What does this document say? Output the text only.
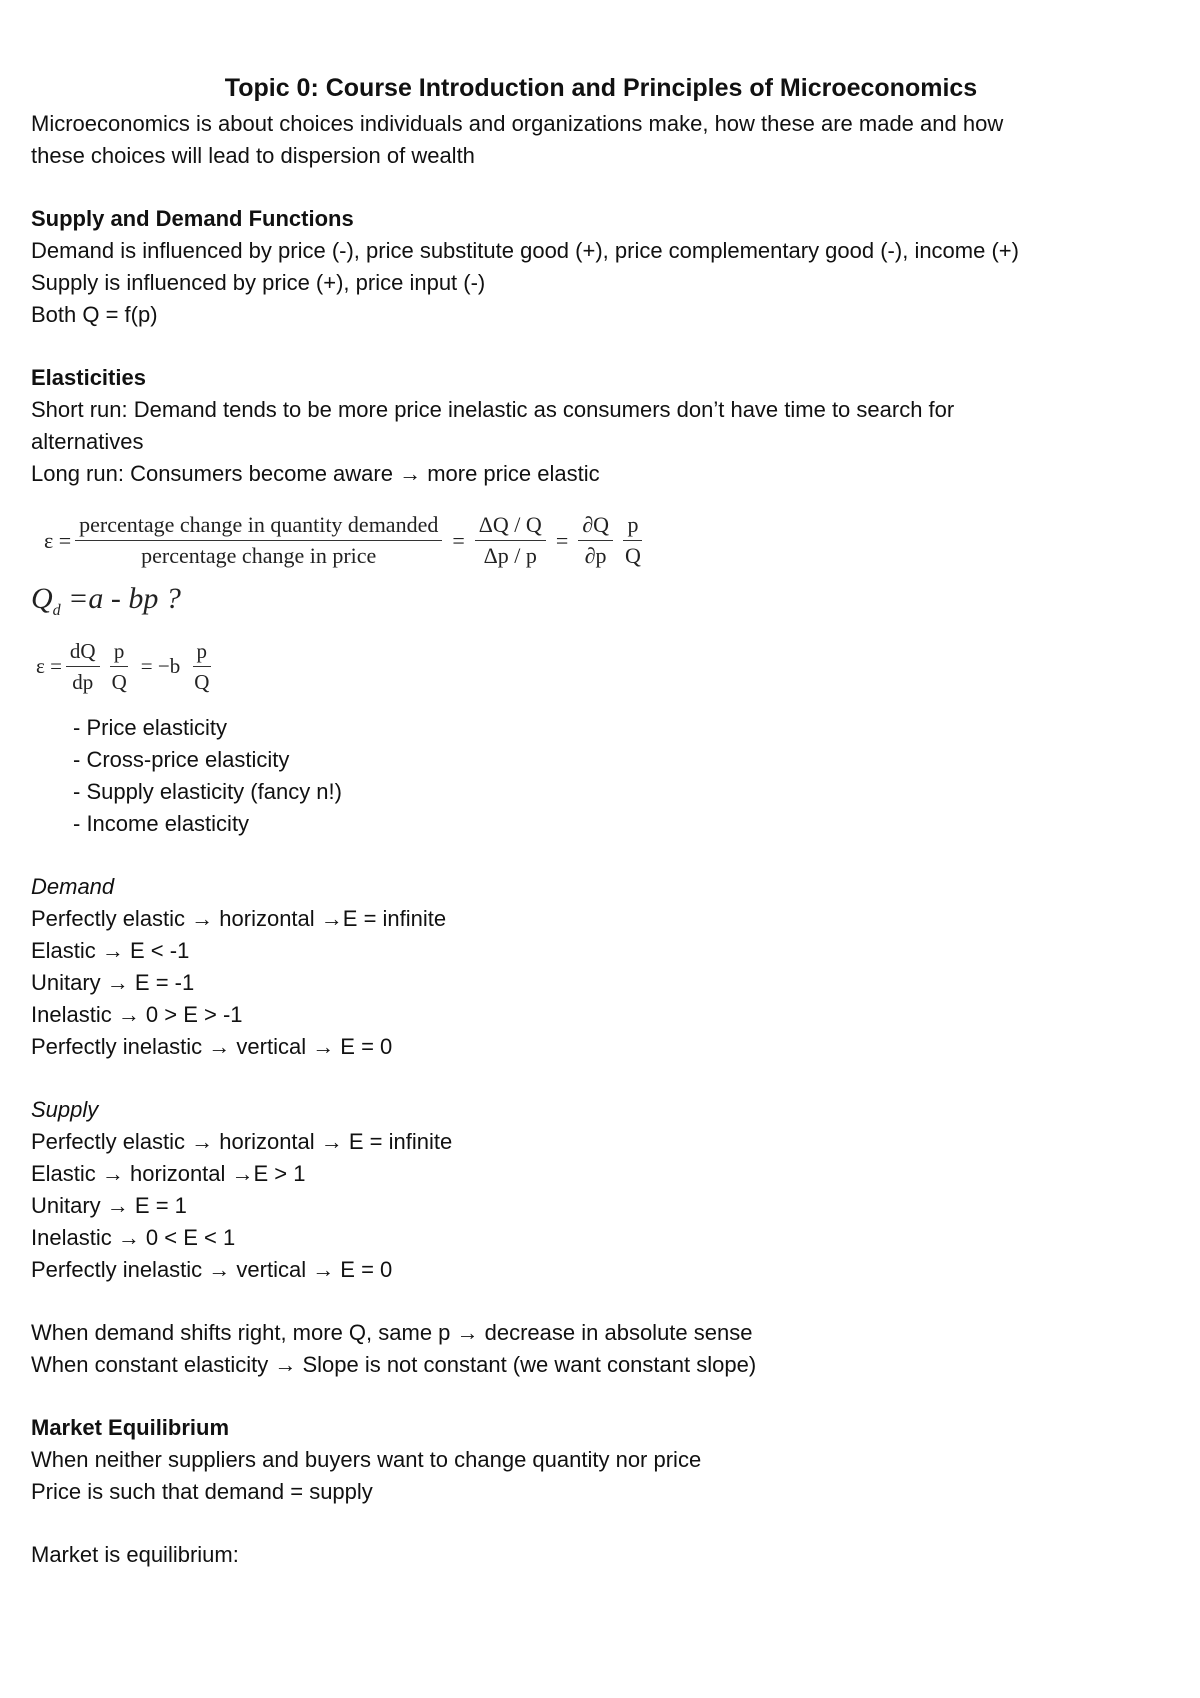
Topic 0: Course Introduction and Principles of Microeconomics

Microeconomics is about choices individuals and organizations make, how these are made and how

these choices will lead to dispersion of wealth

Supply and Demand Functions

Demand is influenced by price (-), price substitute good (+), price complementary good (-), income (+)

Supply is influenced by price (+), price input (-)

Both Q = f(p)

Elasticities

Short run: Demand tends to be more price inelastic as consumers don’t have time to search for

alternatives

Long run: Consumers become aware → more price elastic

$\varepsilon = \frac{\text{percentage change in quantity demanded}}{\text{percentage change in price}} = \frac{\Delta Q / Q}{\Delta p / p} = \frac{\partial Q}{\partial p} \frac{p}{Q}$
$Q_d =a$ - bp ?
$\varepsilon = \frac{dQ}{dp} \frac{p}{Q} = -b \frac{p}{Q}$

- Price elasticity

- Cross-price elasticity

- Supply elasticity (fancy n!)

- Income elasticity

Demand

Perfectly elastic → horizontal →E = infinite

Elastic → E < -1

Unitary → E = -1

Inelastic → 0 > E > -1

Perfectly inelastic → vertical → E = 0

Supply

Perfectly elastic → horizontal → E = infinite

Elastic → horizontal →E > 1

Unitary → E = 1

Inelastic → 0 < E < 1

Perfectly inelastic → vertical → E = 0

When demand shifts right, more Q, same p → decrease in absolute sense

When constant elasticity → Slope is not constant (we want constant slope)

Market Equilibrium

When neither suppliers and buyers want to change quantity nor price

Price is such that demand = supply

Market is equilibrium:
